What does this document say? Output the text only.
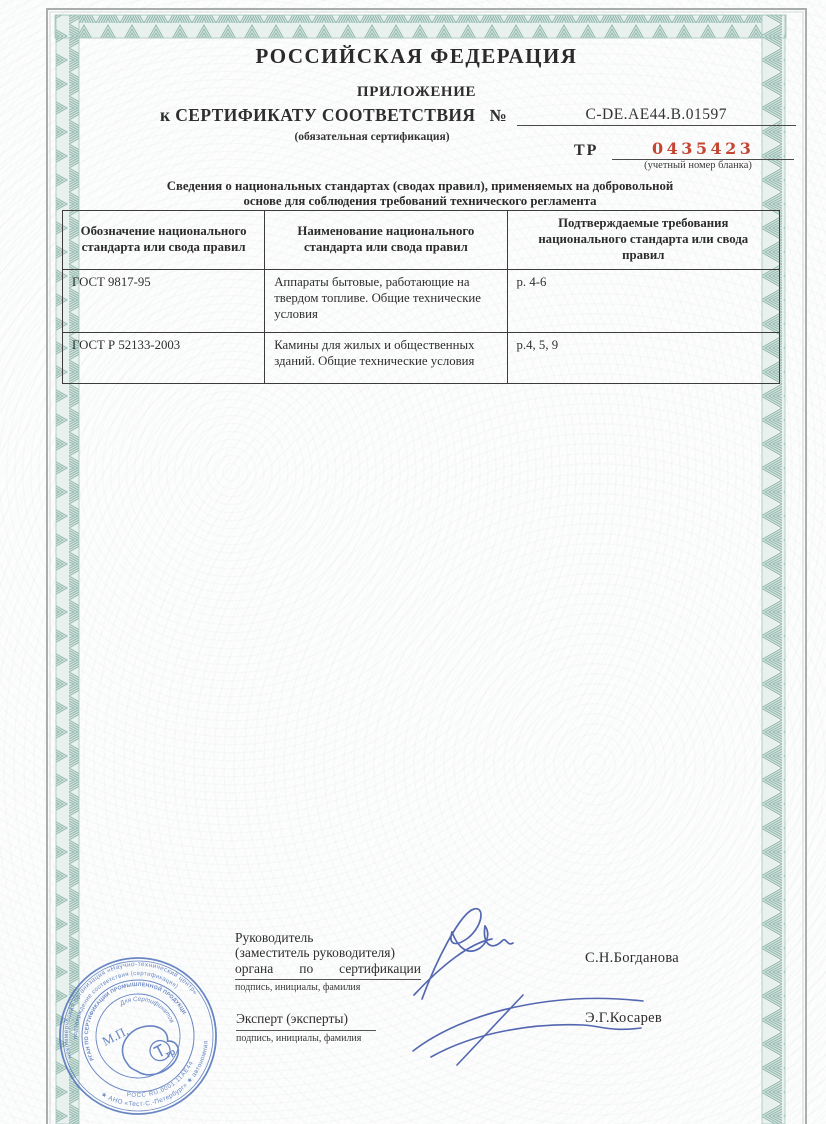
РОССИЙСКАЯ ФЕДЕРАЦИЯ
ПРИЛОЖЕНИЕ
к СЕРТИФИКАТУ СООТВЕТСТВИЯ №	C-DE.AE44.B.01597
(обязательная сертификация)
ТР	0435423
(учетный номер бланка)
Сведения о национальных стандартах (сводах правил), применяемых на добровольной
основе для соблюдения требований технического регламента
Обозначение национального стандарта или свода правил	Наименование национального стандарта или свода правил	Подтверждаемые требования национального стандарта или свода правил
ГОСТ 9817-95	Аппараты бытовые, работающие на твердом топливе. Общие технические условия	р. 4-6
ГОСТ Р 52133-2003	Камины для жилых и общественных зданий. Общие технические условия	р.4, 5, 9
Руководитель
(заместитель руководителя)
органа по сертификации
подпись, инициалы, фамилия
С.Н.Богданова
Эксперт (эксперты)
подпись, инициалы, фамилия
Э.Г.Косарев
некоммерческая организация «Научно-технический центр»
★ АНО «Тест-С.-Петербург» ★ автономная
подтверждение соответствия (сертификация)
РОСС RU.0001.11АЕ44
ОРГАН ПО СЕРТИФИКАЦИИ ПРОМЫШЛЕННОЙ ПРОДУКЦИИ
Для Сертификатов
М.П.
тр
